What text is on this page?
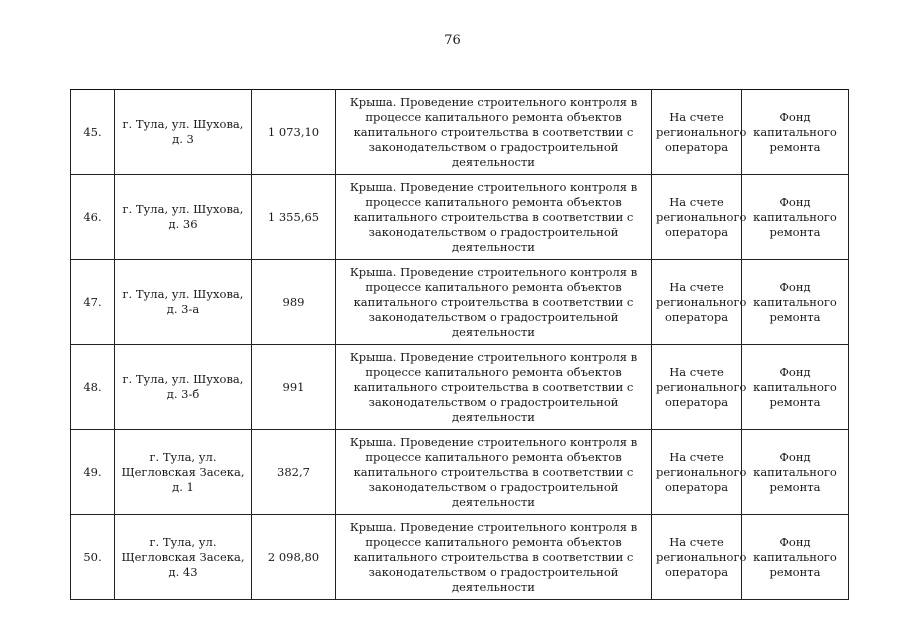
76
45.	г. Тула, ул. Шухова, д. 3	1 073,10	Крыша. Проведение строительного контроля в процессе капитального ремонта объектов капитального строительства в соответствии с законодательством о градостроительной деятельности	На счете регионального оператора	Фонд капитального ремонта
46.	г. Тула, ул. Шухова, д. 36	1 355,65	Крыша. Проведение строительного контроля в процессе капитального ремонта объектов капитального строительства в соответствии с законодательством о градостроительной деятельности	На счете регионального оператора	Фонд капитального ремонта
47.	г. Тула, ул. Шухова, д. 3-а	989	Крыша. Проведение строительного контроля в процессе капитального ремонта объектов капитального строительства в соответствии с законодательством о градостроительной деятельности	На счете регионального оператора	Фонд капитального ремонта
48.	г. Тула, ул. Шухова, д. 3-б	991	Крыша. Проведение строительного контроля в процессе капитального ремонта объектов капитального строительства в соответствии с законодательством о градостроительной деятельности	На счете регионального оператора	Фонд капитального ремонта
49.	г. Тула, ул. Щегловская Засека, д. 1	382,7	Крыша. Проведение строительного контроля в процессе капитального ремонта объектов капитального строительства в соответствии с законодательством о градостроительной деятельности	На счете регионального оператора	Фонд капитального ремонта
50.	г. Тула, ул. Щегловская Засека, д. 43	2 098,80	Крыша. Проведение строительного контроля в процессе капитального ремонта объектов капитального строительства в соответствии с законодательством о градостроительной деятельности	На счете регионального оператора	Фонд капитального ремонта
